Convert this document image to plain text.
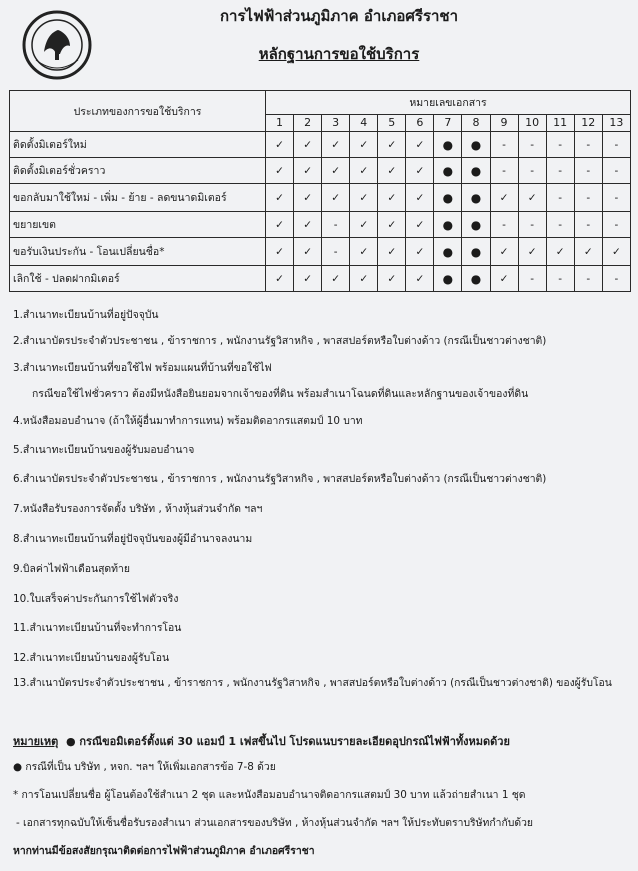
การไฟฟ้าส่วนภูมิภาค อำเภอศรีราชา
หลักฐานการขอใช้บริการ
ประเภทของการขอใช้บริการ	หมายเลขเอกสาร												
	1	2	3	4	5	6	7	8	9	10	11	12	13
ติดตั้งมิเตอร์ใหม่	✓	✓	✓	✓	✓	✓	●	●	-	-	-	-	-
ติดตั้งมิเตอร์ชั่วคราว	✓	✓	✓	✓	✓	✓	●	●	-	-	-	-	-
ขอกลับมาใช้ใหม่ - เพิ่ม - ย้าย - ลดขนาดมิเตอร์	✓	✓	✓	✓	✓	✓	●	●	✓	✓	-	-	-
ขยายเขต	✓	✓	-	✓	✓	✓	●	●	-	-	-	-	-
ขอรับเงินประกัน - โอนเปลี่ยนชื่อ*	✓	✓	-	✓	✓	✓	●	●	✓	✓	✓	✓	✓
เลิกใช้ - ปลดฝากมิเตอร์	✓	✓	✓	✓	✓	✓	●	●	✓	-	-	-	-
1.สำเนาทะเบียนบ้านที่อยู่ปัจจุบัน
2.สำเนาบัตรประจำตัวประชาชน , ข้าราชการ , พนักงานรัฐวิสาหกิจ , พาสสปอร์ตหรือใบต่างด้าว (กรณีเป็นชาวต่างชาติ)
3.สำเนาทะเบียนบ้านที่ขอใช้ไฟ พร้อมแผนที่บ้านที่ขอใช้ไฟ
กรณีขอใช้ไฟชั่วคราว ต้องมีหนังสือยินยอมจากเจ้าของที่ดิน พร้อมสำเนาโฉนดที่ดินและหลักฐานของเจ้าของที่ดิน
4.หนังสือมอบอำนาจ (ถ้าให้ผู้อื่นมาทำการแทน) พร้อมติดอากรแสตมป์ 10 บาท
5.สำเนาทะเบียนบ้านของผู้รับมอบอำนาจ
6.สำเนาบัตรประจำตัวประชาชน , ข้าราชการ , พนักงานรัฐวิสาหกิจ , พาสสปอร์ตหรือใบต่างด้าว (กรณีเป็นชาวต่างชาติ)
7.หนังสือรับรองการจัดตั้ง บริษัท , ห้างหุ้นส่วนจำกัด ฯลฯ
8.สำเนาทะเบียนบ้านที่อยู่ปัจจุบันของผู้มีอำนาจลงนาม
9.บิลค่าไฟฟ้าเดือนสุดท้าย
10.ใบเสร็จค่าประกันการใช้ไฟตัวจริง
11.สำเนาทะเบียนบ้านที่จะทำการโอน
12.สำเนาทะเบียนบ้านของผู้รับโอน
13.สำเนาบัตรประจำตัวประชาชน , ข้าราชการ , พนักงานรัฐวิสาหกิจ , พาสสปอร์ตหรือใบต่างด้าว (กรณีเป็นชาวต่างชาติ) ของผู้รับโอน
หมายเหตุ ● กรณีขอมิเตอร์ตั้งแต่ 30 แอมป์ 1 เฟสขึ้นไป โปรดแนบรายละเอียดอุปกรณ์ไฟฟ้าทั้งหมดด้วย
● กรณีที่เป็น บริษัท , หจก. ฯลฯ ให้เพิ่มเอกสารข้อ 7-8 ด้วย
* การโอนเปลี่ยนชื่อ ผู้โอนต้องใช้สำเนา 2 ชุด และหนังสือมอบอำนาจติดอากรแสตมป์ 30 บาท แล้วถ่ายสำเนา 1 ชุด
- เอกสารทุกฉบับให้เซ็นชื่อรับรองสำเนา ส่วนเอกสารของบริษัท , ห้างหุ้นส่วนจำกัด ฯลฯ ให้ประทับตราบริษัทกำกับด้วย
หากท่านมีข้อสงสัยกรุณาติดต่อการไฟฟ้าส่วนภูมิภาค อำเภอศรีราชา
